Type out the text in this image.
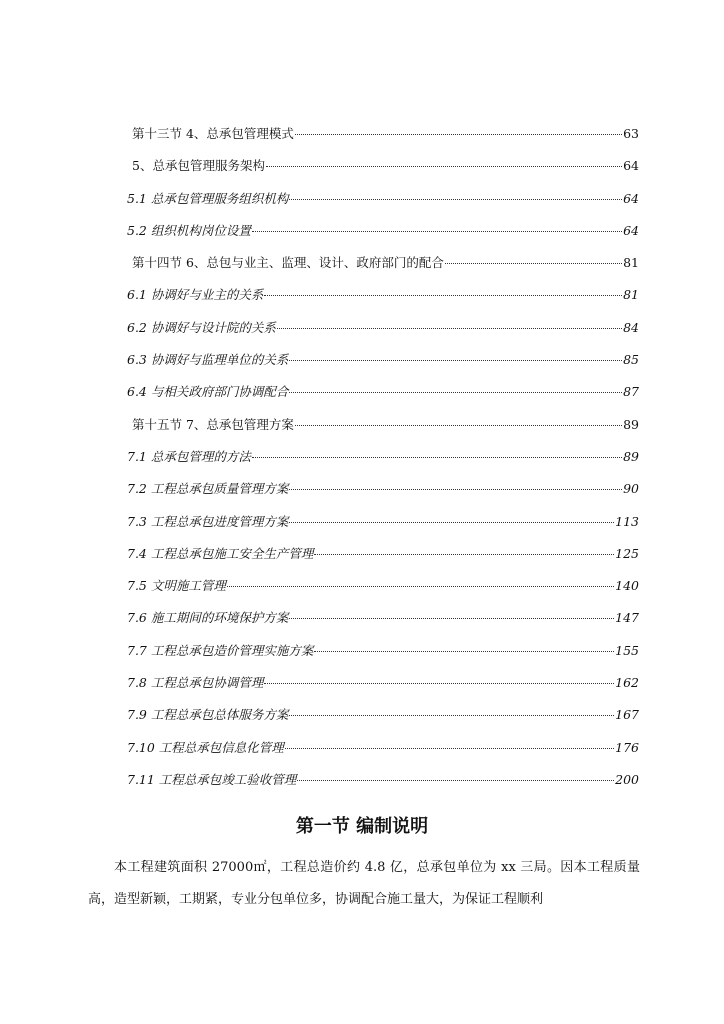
第十三节 4、总承包管理模式	63
5、总承包管理服务架构	64
5.1 总承包管理服务组织机构	64
5.2 组织机构岗位设置	64
第十四节 6、总包与业主、监理、设计、政府部门的配合	81
6.1 协调好与业主的关系	81
6.2 协调好与设计院的关系	84
6.3 协调好与监理单位的关系	85
6.4 与相关政府部门协调配合	87
第十五节 7、总承包管理方案	89
7.1 总承包管理的方法	89
7.2 工程总承包质量管理方案	90
7.3 工程总承包进度管理方案	113
7.4 工程总承包施工安全生产管理	125
7.5 文明施工管理	140
7.6 施工期间的环境保护方案	147
7.7 工程总承包造价管理实施方案	155
7.8 工程总承包协调管理	162
7.9 工程总承包总体服务方案	167
7.10 工程总承包信息化管理	176
7.11 工程总承包竣工验收管理	200
第一节 编制说明

本工程建筑面积 27000㎡，工程总造价约 4.8 亿，总承包单位为 xx 三局。因本工程质量高，造型新颖，工期紧，专业分包单位多，协调配合施工量大，为保证工程顺利
